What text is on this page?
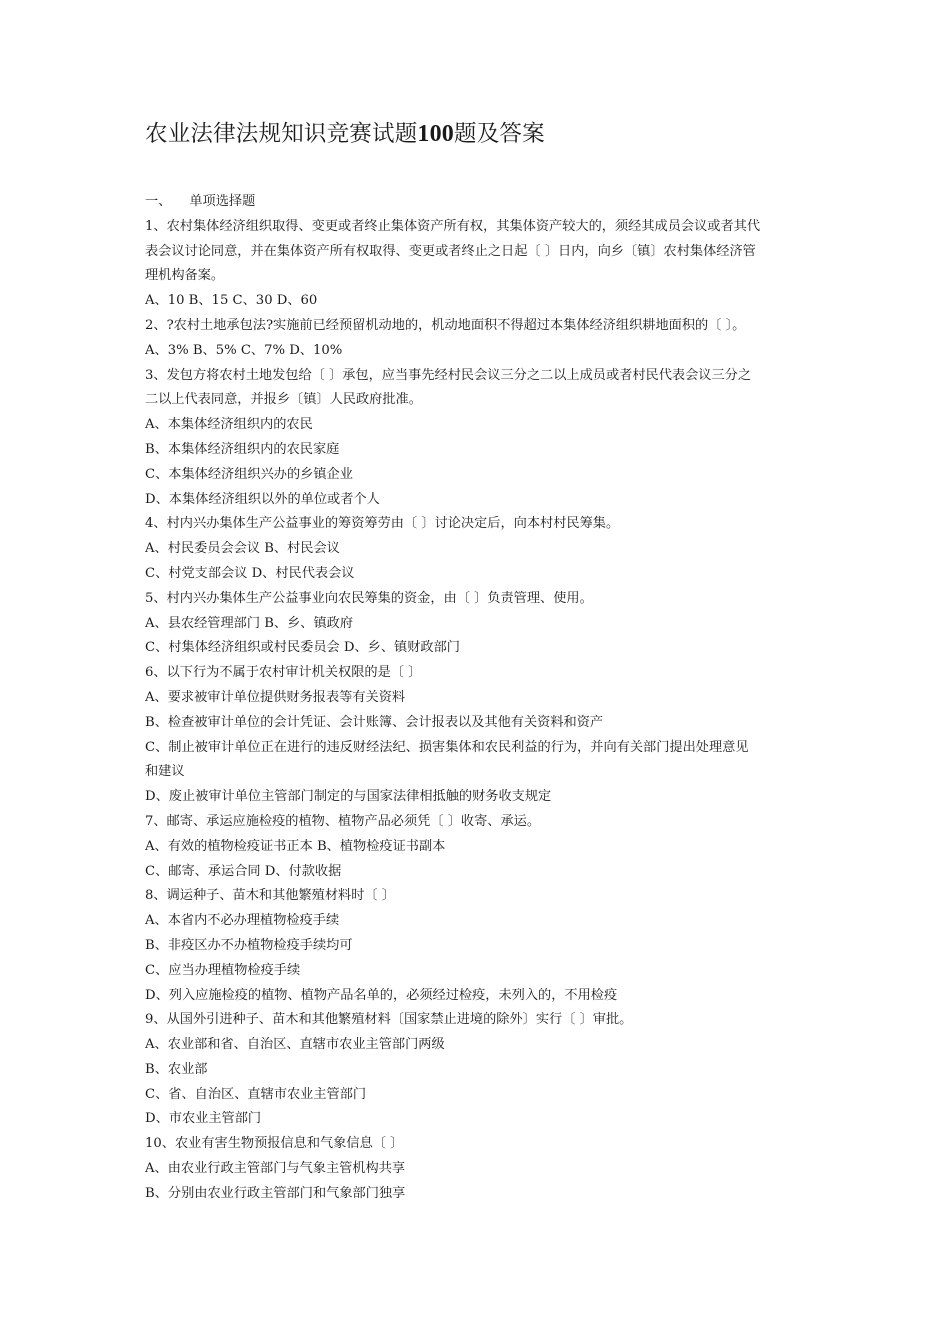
农业法律法规知识竞赛试题100题及答案
一、 单项选择题
1、农村集体经济组织取得、变更或者终止集体资产所有权，其集体资产较大的，须经其成员会议或者其代
表会议讨论同意，并在集体资产所有权取得、变更或者终止之日起〔 〕日内，向乡〔镇〕农村集体经济管
理机构备案。
A、10 B、15 C、30 D、60
2、?农村土地承包法?实施前已经预留机动地的，机动地面积不得超过本集体经济组织耕地面积的〔 〕。
A、3% B、5% C、7% D、10%
3、发包方将农村土地发包给〔 〕承包，应当事先经村民会议三分之二以上成员或者村民代表会议三分之
二以上代表同意，并报乡〔镇〕人民政府批准。
A、本集体经济组织内的农民
B、本集体经济组织内的农民家庭
C、本集体经济组织兴办的乡镇企业
D、本集体经济组织以外的单位或者个人
4、村内兴办集体生产公益事业的筹资筹劳由〔 〕讨论决定后，向本村村民筹集。
A、村民委员会会议 B、村民会议
C、村党支部会议 D、村民代表会议
5、村内兴办集体生产公益事业向农民筹集的资金，由〔 〕负责管理、使用。
A、县农经管理部门 B、乡、镇政府
C、村集体经济组织或村民委员会 D、乡、镇财政部门
6、以下行为不属于农村审计机关权限的是〔 〕
A、要求被审计单位提供财务报表等有关资料
B、检查被审计单位的会计凭证、会计账簿、会计报表以及其他有关资料和资产
C、制止被审计单位正在进行的违反财经法纪、损害集体和农民利益的行为，并向有关部门提出处理意见
和建议
D、废止被审计单位主管部门制定的与国家法律相抵触的财务收支规定
7、邮寄、承运应施检疫的植物、植物产品必须凭〔 〕收寄、承运。
A、有效的植物检疫证书正本 B、植物检疫证书副本
C、邮寄、承运合同 D、付款收据
8、调运种子、苗木和其他繁殖材料时〔 〕
A、本省内不必办理植物检疫手续
B、非疫区办不办植物检疫手续均可
C、应当办理植物检疫手续
D、列入应施检疫的植物、植物产品名单的，必须经过检疫，未列入的，不用检疫
9、从国外引进种子、苗木和其他繁殖材料〔国家禁止进境的除外〕实行〔 〕审批。
A、农业部和省、自治区、直辖市农业主管部门两级
B、农业部
C、省、自治区、直辖市农业主管部门
D、市农业主管部门
10、农业有害生物预报信息和气象信息〔 〕
A、由农业行政主管部门与气象主管机构共享
B、分别由农业行政主管部门和气象部门独享
